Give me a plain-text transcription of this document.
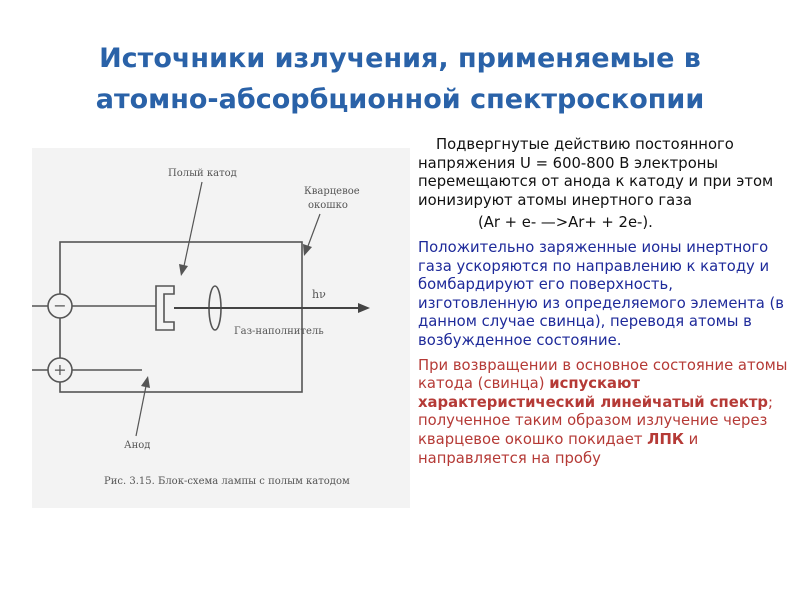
Источники излучения, применяемые в
атомно-абсорбционной спектроскопии
−
+
hν
Газ-наполнитель
Полый катод
Кварцевое
окошко
Анод
Рис. 3.15. Блок-схема лампы с полым катодом

Подвергнутые действию постоянного напряжения U = 600-800 В электроны перемещаются от анода к катоду и при этом ионизируют атомы инертного газа

(Ar + e- —>Ar+ + 2e-).

Положительно заряженные ионы инертного газа ускоряются по направлению к катоду и бомбардируют его поверхность, изготовленную из определяемого элемента (в данном случае свинца), переводя атомы в возбужденное состояние.

При возвращении в основное состояние атомы катода (свинца) испускают характеристический линейчатый спектр; полученное таким образом излучение через кварцевое окошко покидает ЛПК и направляется на пробу
